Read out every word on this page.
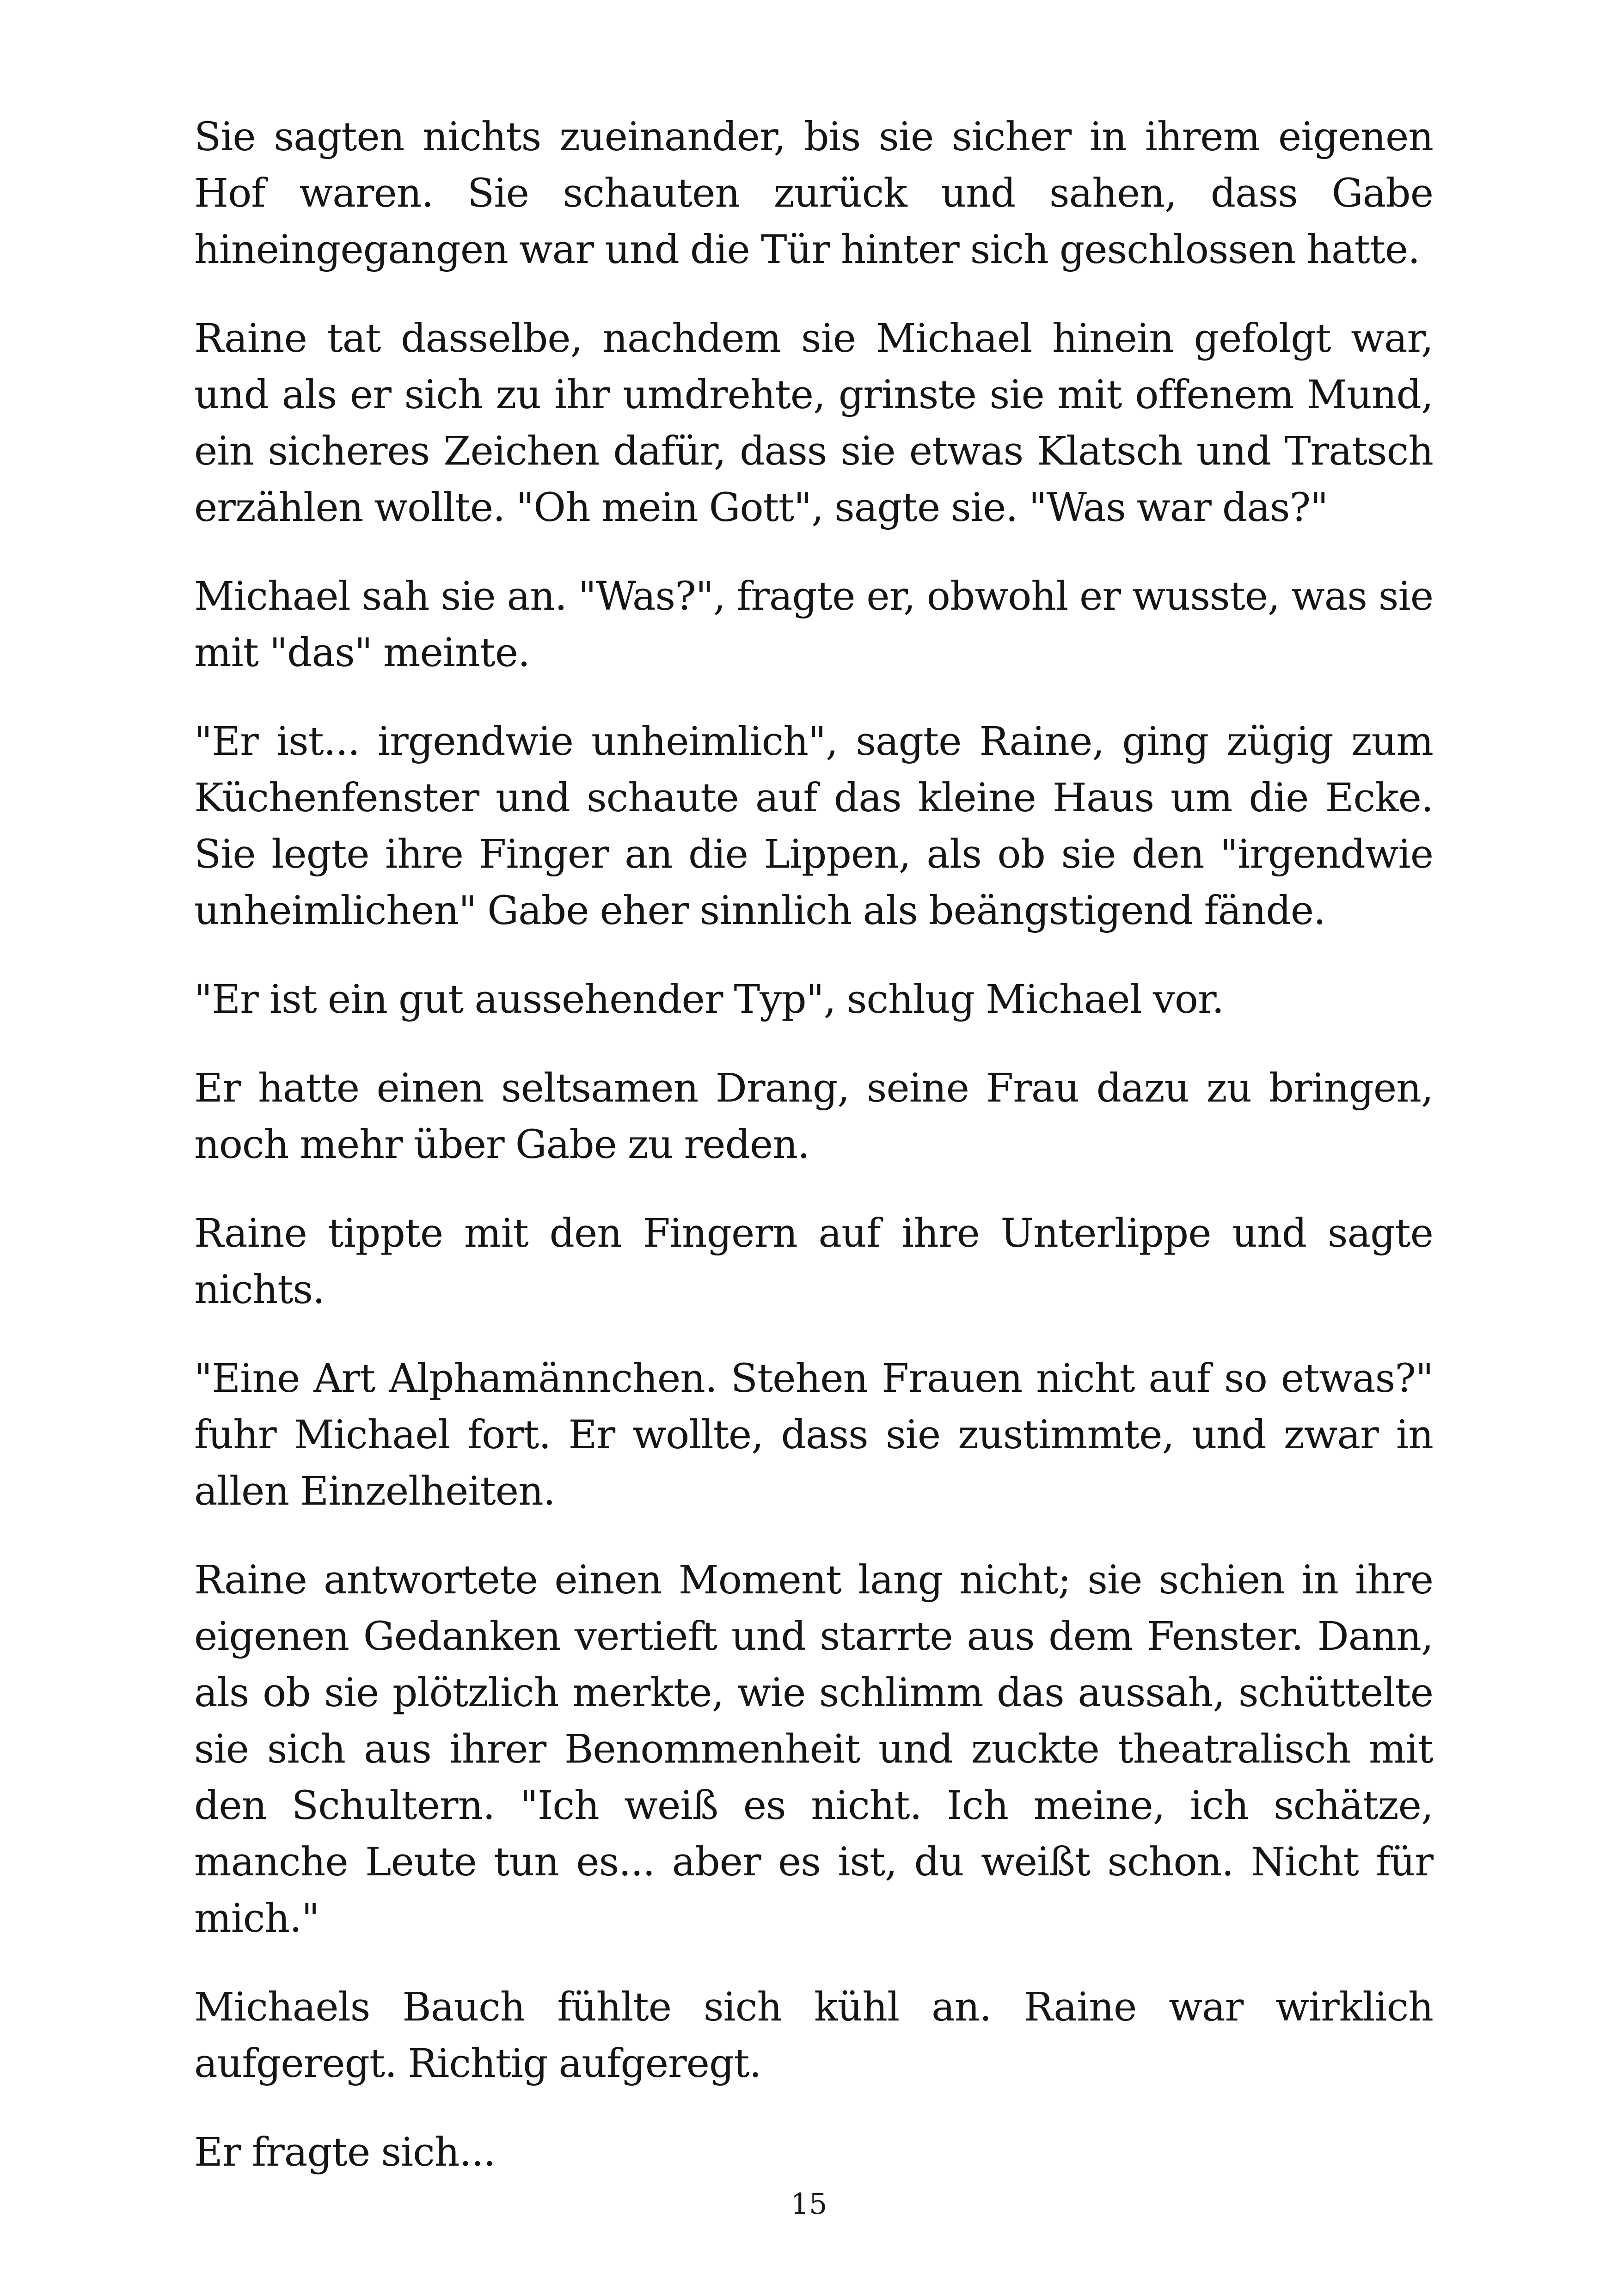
Sie sagten nichts zueinander, bis sie sicher in ihrem eigenen Hof waren. Sie schauten zurück und sahen, dass Gabe hineingegangen war und die Tür hinter sich geschlossen hatte.

Raine tat dasselbe, nachdem sie Michael hinein gefolgt war, und als er sich zu ihr umdrehte, grinste sie mit offenem Mund, ein sicheres Zeichen dafür, dass sie etwas Klatsch und Tratsch erzählen wollte. "Oh mein Gott", sagte sie. "Was war das?"

Michael sah sie an. "Was?", fragte er, obwohl er wusste, was sie mit "das" meinte.

"Er ist... irgendwie unheimlich", sagte Raine, ging zügig zum Küchenfenster und schaute auf das kleine Haus um die Ecke. Sie legte ihre Finger an die Lippen, als ob sie den "irgendwie unheimlichen" Gabe eher sinnlich als beängstigend fände.

"Er ist ein gut aussehender Typ", schlug Michael vor.

Er hatte einen seltsamen Drang, seine Frau dazu zu bringen, noch mehr über Gabe zu reden.

Raine tippte mit den Fingern auf ihre Unterlippe und sagte nichts.

"Eine Art Alphamännchen. Stehen Frauen nicht auf so etwas?" fuhr Michael fort. Er wollte, dass sie zustimmte, und zwar in allen Einzelheiten.

Raine antwortete einen Moment lang nicht; sie schien in ihre eigenen Gedanken vertieft und starrte aus dem Fenster. Dann, als ob sie plötzlich merkte, wie schlimm das aussah, schüttelte sie sich aus ihrer Benommenheit und zuckte theatralisch mit den Schultern. "Ich weiß es nicht. Ich meine, ich schätze, manche Leute tun es... aber es ist, du weißt schon. Nicht für mich."

Michaels Bauch fühlte sich kühl an. Raine war wirklich aufgeregt. Richtig aufgeregt.

Er fragte sich...

15
